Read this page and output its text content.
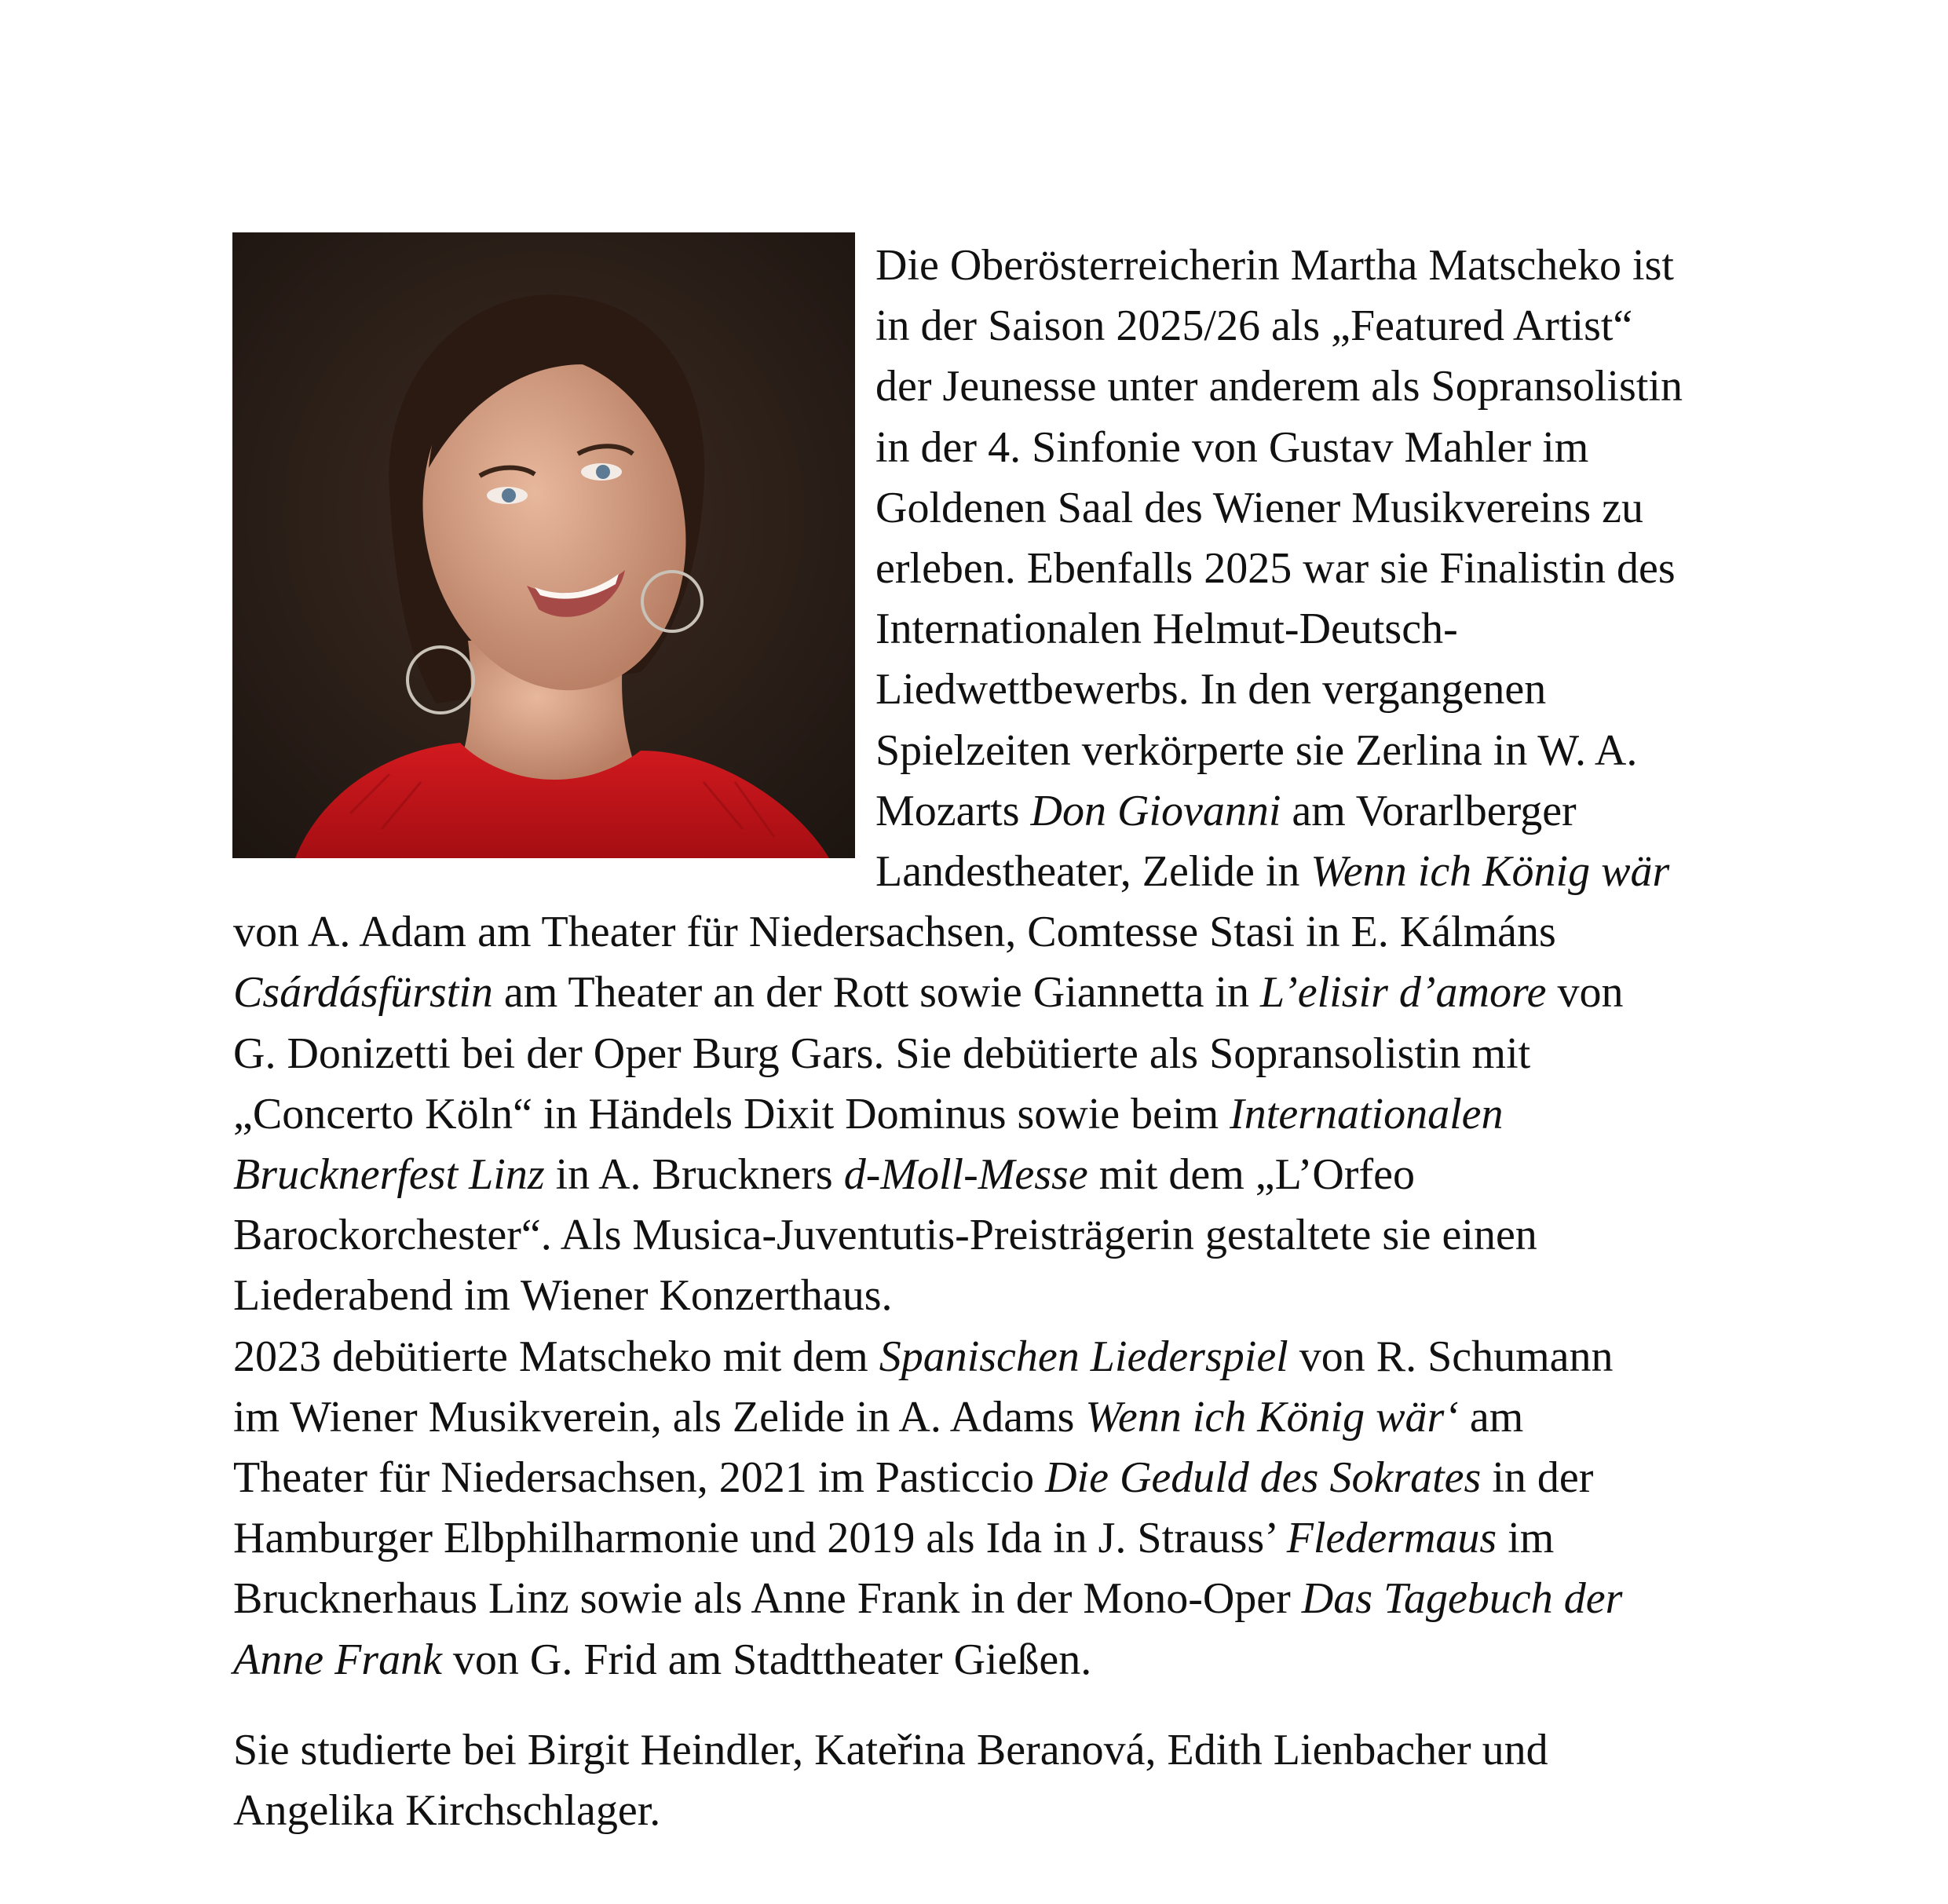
Die Oberösterreicherin Martha Matscheko ist
in der Saison 2025/26 als „Featured Artist“
der Jeunesse unter anderem als Sopransolistin
in der 4. Sinfonie von Gustav Mahler im
Goldenen Saal des Wiener Musikvereins zu
erleben. Ebenfalls 2025 war sie Finalistin des
Internationalen Helmut-Deutsch-
Liedwettbewerbs. In den vergangenen
Spielzeiten verkörperte sie Zerlina in W. A.
Mozarts Don Giovanni am Vorarlberger
Landestheater, Zelide in Wenn ich König wär
von A. Adam am Theater für Niedersachsen, Comtesse Stasi in E. Kálmáns
Csárdásfürstin am Theater an der Rott sowie Giannetta in L’elisir d’amore von
G. Donizetti bei der Oper Burg Gars. Sie debütierte als Sopransolistin mit
„Concerto Köln“ in Händels Dixit Dominus sowie beim Internationalen
Brucknerfest Linz in A. Bruckners d-Moll-Messe mit dem „L’Orfeo
Barockorchester“. Als Musica-Juventutis-Preisträgerin gestaltete sie einen
Liederabend im Wiener Konzerthaus.
2023 debütierte Matscheko mit dem Spanischen Liederspiel von R. Schumann
im Wiener Musikverein, als Zelide in A. Adams Wenn ich König wär‘ am
Theater für Niedersachsen, 2021 im Pasticcio Die Geduld des Sokrates in der
Hamburger Elbphilharmonie und 2019 als Ida in J. Strauss’ Fledermaus im
Brucknerhaus Linz sowie als Anne Frank in der Mono-Oper Das Tagebuch der
Anne Frank von G. Frid am Stadttheater Gießen.
Sie studierte bei Birgit Heindler, Kateřina Beranová, Edith Lienbacher und
Angelika Kirchschlager.
